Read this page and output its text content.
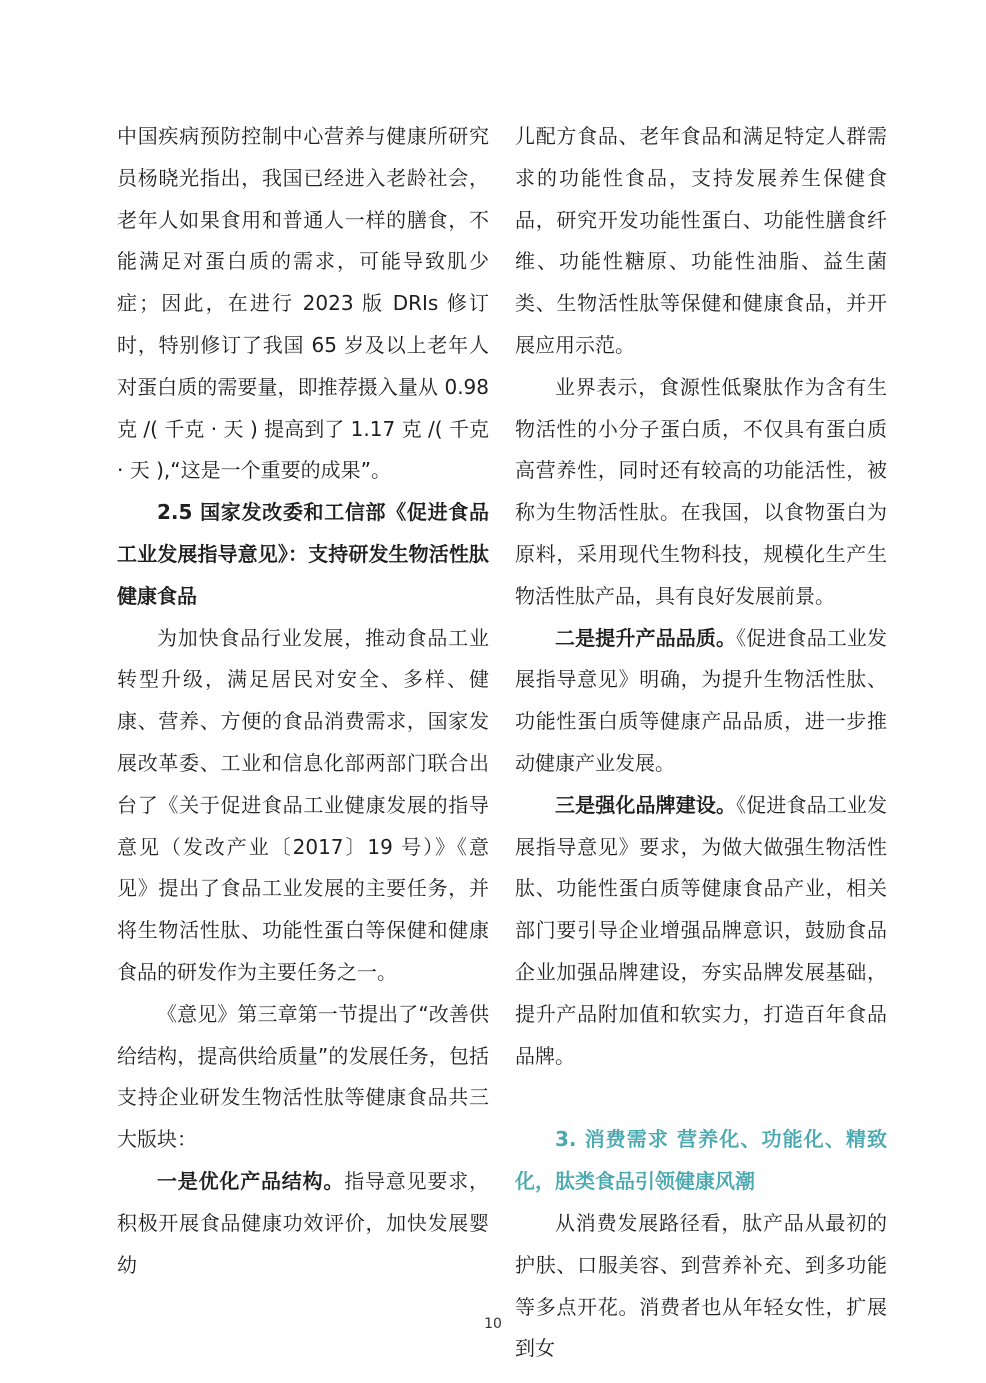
中国疾病预防控制中心营养与健康所研究员杨晓光指出，我国已经进入老龄社会，老年人如果食用和普通人一样的膳食，不能满足对蛋白质的需求，可能导致肌少症；因此，在进行 2023 版 DRIs 修订时，特别修订了我国 65 岁及以上老年人对蛋白质的需要量，即推荐摄入量从 0.98 克 /( 千克 · 天 ) 提高到了 1.17 克 /( 千克 · 天 ),“这是一个重要的成果”。

2.5 国家发改委和工信部《促进食品工业发展指导意见》：支持研发生物活性肽健康食品

为加快食品行业发展，推动食品工业转型升级，满足居民对安全、多样、健康、营养、方便的食品消费需求，国家发展改革委、工业和信息化部两部门联合出台了《关于促进食品工业健康发展的指导意见（发改产业〔2017〕19 号）》《意见》提出了食品工业发展的主要任务，并将生物活性肽、功能性蛋白等保健和健康食品的研发作为主要任务之一。

《意见》第三章第一节提出了“改善供给结构，提高供给质量”的发展任务，包括支持企业研发生物活性肽等健康食品共三大版块：

一是优化产品结构。指导意见要求，积极开展食品健康功效评价，加快发展婴幼

儿配方食品、老年食品和满足特定人群需求的功能性食品，支持发展养生保健食品，研究开发功能性蛋白、功能性膳食纤维、功能性糖原、功能性油脂、益生菌类、生物活性肽等保健和健康食品，并开展应用示范。

业界表示，食源性低聚肽作为含有生物活性的小分子蛋白质，不仅具有蛋白质高营养性，同时还有较高的功能活性，被称为生物活性肽。在我国，以食物蛋白为原料，采用现代生物科技，规模化生产生物活性肽产品，具有良好发展前景。

二是提升产品品质。《促进食品工业发展指导意见》明确，为提升生物活性肽、功能性蛋白质等健康产品品质，进一步推动健康产业发展。

三是强化品牌建设。《促进食品工业发展指导意见》要求，为做大做强生物活性肽、功能性蛋白质等健康食品产业，相关部门要引导企业增强品牌意识，鼓励食品企业加强品牌建设，夯实品牌发展基础，提升产品附加值和软实力，打造百年食品品牌。

3. 消费需求 营养化、功能化、精致化，肽类食品引领健康风潮

从消费发展路径看，肽产品从最初的护肤、口服美容、到营养补充、到多功能等多点开花。消费者也从年轻女性，扩展到女

10
